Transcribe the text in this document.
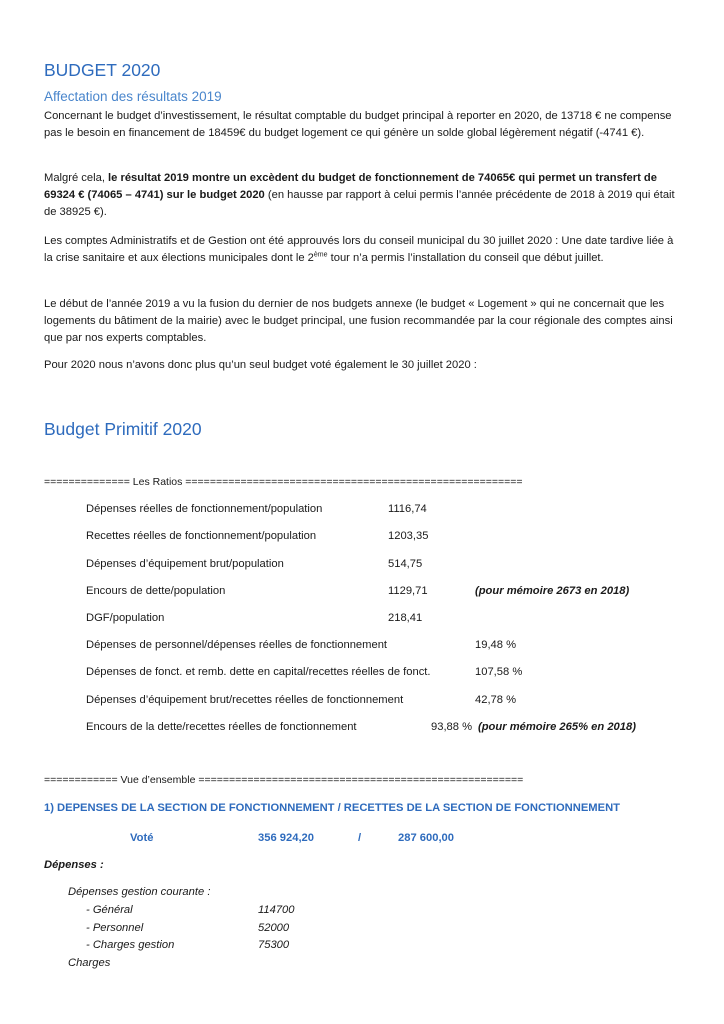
BUDGET 2020
Affectation des résultats 2019

Concernant le budget d’investissement, le résultat comptable du budget principal à reporter en 2020, de 13718 € ne compense pas le besoin en financement de 18459€ du budget logement ce qui génère un solde global légèrement négatif (-4741 €).

Malgré cela, le résultat 2019 montre un excèdent du budget de fonctionnement de 74065€ qui permet un transfert de 69324 € (74065 – 4741) sur le budget 2020 (en hausse par rapport à celui permis l’année précédente de 2018 à 2019 qui était de 38925 €).

Les comptes Administratifs et de Gestion ont été approuvés lors du conseil municipal du 30 juillet 2020 : Une date tardive liée à la crise sanitaire et aux élections municipales dont le 2ème tour n’a permis l’installation du conseil que début juillet.

Le début de l’année 2019 a vu la fusion du dernier de nos budgets annexe (le budget « Logement » qui ne concernait que les logements du bâtiment de la mairie) avec le budget principal, une fusion recommandée par la cour régionale des comptes ainsi que par nos experts comptables.

Pour 2020 nous n’avons donc plus qu’un seul budget voté également le 30 juillet 2020 :

Budget Primitif 2020
============== Les Ratios =======================================================
Dépenses réelles de fonctionnement/population	1116,74
Recettes réelles de fonctionnement/population	1203,35
Dépenses d’équipement brut/population	514,75
Encours de dette/population	1129,71	(pour mémoire 2673 en 2018)
DGF/population	218,41
Dépenses de personnel/dépenses réelles de fonctionnement	19,48 %
Dépenses de fonct. et remb. dette en capital/recettes réelles de fonct.	107,58 %
Dépenses d’équipement brut/recettes réelles de fonctionnement	42,78 %
Encours de la dette/recettes réelles de fonctionnement	93,88 % (pour mémoire 265% en 2018)
============ Vue d’ensemble =====================================================
1) DEPENSES DE LA SECTION DE FONCTIONNEMENT / RECETTES DE LA SECTION DE FONCTIONNEMENT
Voté	356 924,20	/	287 600,00
Dépenses :
Dépenses gestion courante :
- Général	114700
- Personnel	52000
- Charges gestion	75300
Charges
